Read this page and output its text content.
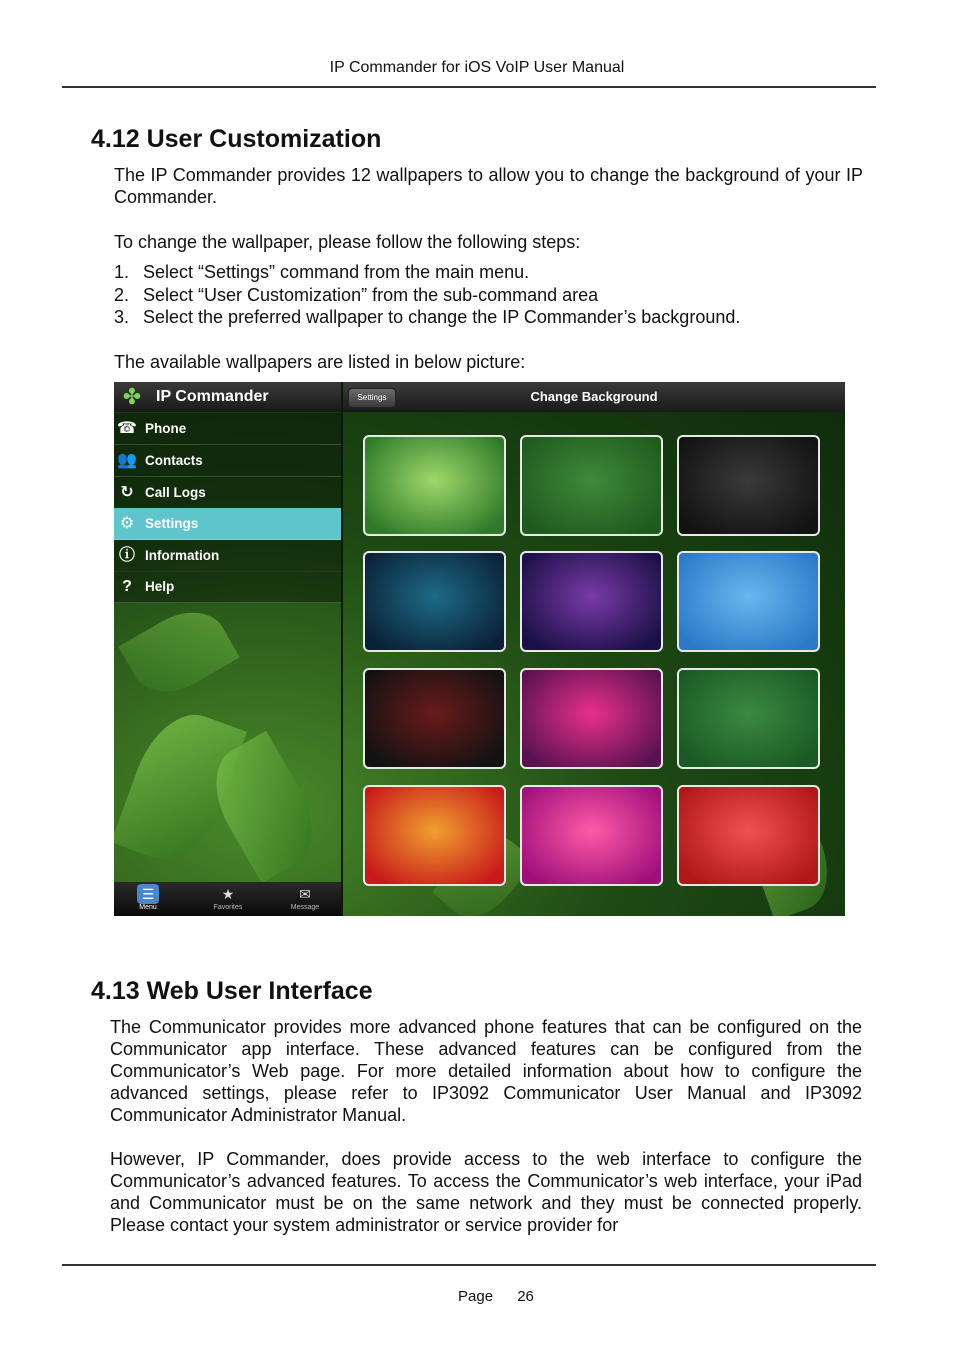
IP Commander for iOS VoIP User Manual
4.12 User Customization

The IP Commander provides 12 wallpapers to allow you to change the background of your IP Commander.

To change the wallpaper, please follow the following steps:

1. Select “Settings” command from the main menu.
2. Select “User Customization” from the sub-command area
3. Select the preferred wallpaper to change the IP Commander’s background.

The available wallpapers are listed in below picture:

✤ IP Commander
☎ Phone
👥 Contacts
↻ Call Logs
⚙ Settings
ⓘ Information
? Help
☰
Menu
★
Favorites
✉
Message
Change Background
Settings
4.13 Web User Interface

The Communicator provides more advanced phone features that can be configured on the Communicator app interface. These advanced features can be configured from the Communicator’s Web page. For more detailed information about how to configure the advanced settings, please refer to IP3092 Communicator User Manual and IP3092 Communicator Administrator Manual.

However, IP Commander, does provide access to the web interface to configure the Communicator’s advanced features. To access the Communicator’s web interface, your iPad and Communicator must be on the same network and they must be connected properly. Please contact your system administrator or service provider for

Page 26
